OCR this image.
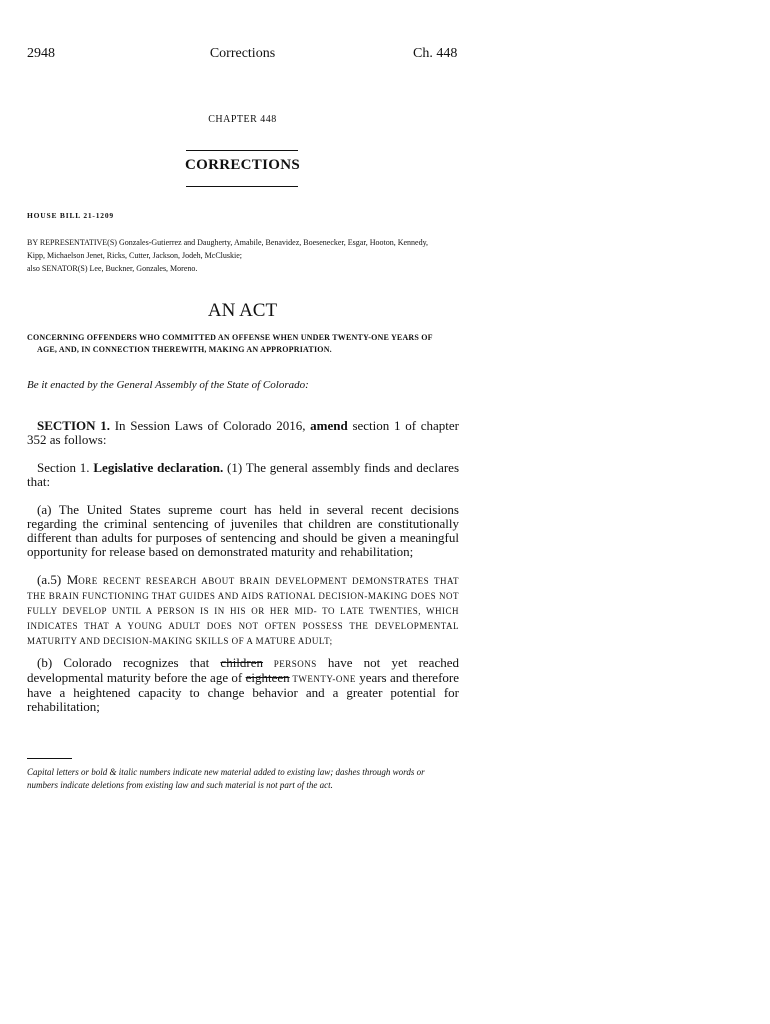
2948	Corrections	Ch. 448
CHAPTER 448
CORRECTIONS
HOUSE BILL 21-1209
BY REPRESENTATIVE(S) Gonzales-Gutierrez and Daugherty, Amabile, Benavidez, Boesenecker, Esgar, Hooton, Kennedy,
Kipp, Michaelson Jenet, Ricks, Cutter, Jackson, Jodeh, McCluskie;
also SENATOR(S) Lee, Buckner, Gonzales, Moreno.
AN ACT
CONCERNING OFFENDERS WHO COMMITTED AN OFFENSE WHEN UNDER TWENTY-ONE YEARS OF
AGE, AND, IN CONNECTION THEREWITH, MAKING AN APPROPRIATION.
Be it enacted by the General Assembly of the State of Colorado:

SECTION 1. In Session Laws of Colorado 2016, amend section 1 of chapter 352 as follows:

Section 1. Legislative declaration. (1) The general assembly finds and declares that:

(a) The United States supreme court has held in several recent decisions regarding the criminal sentencing of juveniles that children are constitutionally different than adults for purposes of sentencing and should be given a meaningful opportunity for release based on demonstrated maturity and rehabilitation;

(a.5) MORE RECENT RESEARCH ABOUT BRAIN DEVELOPMENT DEMONSTRATES THAT THE BRAIN FUNCTIONING THAT GUIDES AND AIDS RATIONAL DECISION-MAKING DOES NOT FULLY DEVELOP UNTIL A PERSON IS IN HIS OR HER MID- TO LATE TWENTIES, WHICH INDICATES THAT A YOUNG ADULT DOES NOT OFTEN POSSESS THE DEVELOPMENTAL MATURITY AND DECISION-MAKING SKILLS OF A MATURE ADULT;

(b) Colorado recognizes that children PERSONS have not yet reached developmental maturity before the age of eighteen TWENTY-ONE years and therefore have a heightened capacity to change behavior and a greater potential for rehabilitation;

Capital letters or bold & italic numbers indicate new material added to existing law; dashes through words or numbers indicate deletions from existing law and such material is not part of the act.
